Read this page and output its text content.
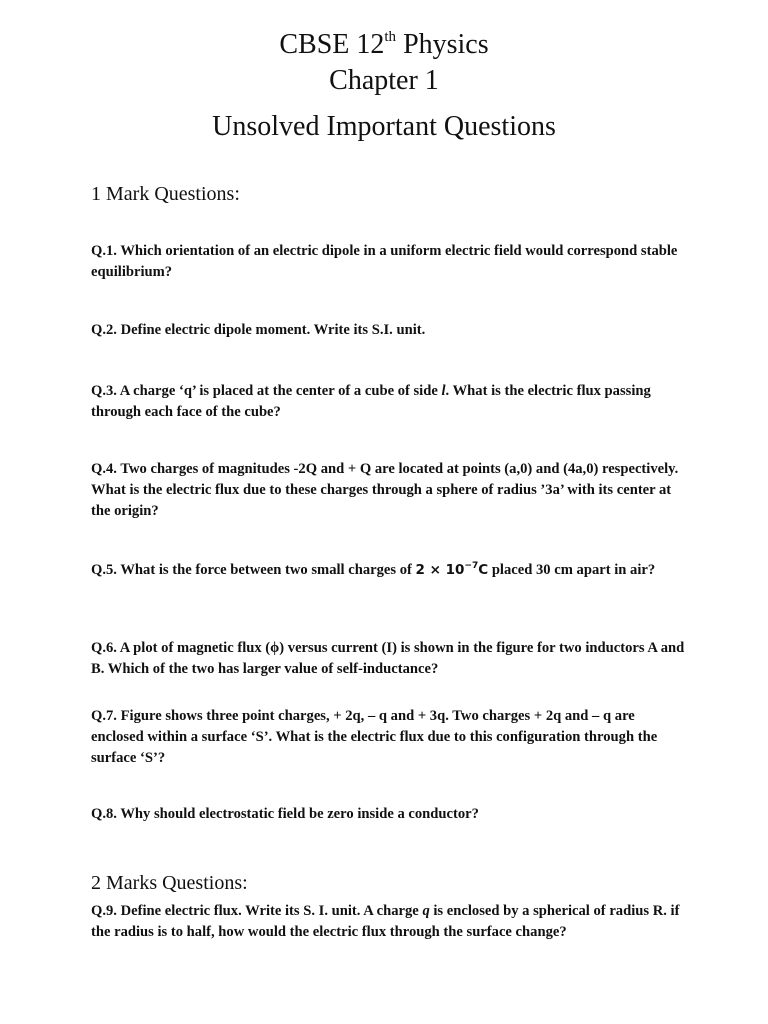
CBSE 12th Physics
Chapter 1
Unsolved Important Questions
1 Mark Questions:
Q.1. Which orientation of an electric dipole in a uniform electric field would correspond stable equilibrium?
Q.2. Define electric dipole moment. Write its S.I. unit.
Q.3. A charge ‘q’ is placed at the center of a cube of side l. What is the electric flux passing through each face of the cube?
Q.4. Two charges of magnitudes -2Q and + Q are located at points (a,0) and (4a,0) respectively. What is the electric flux due to these charges through a sphere of radius ’3a’ with its center at the origin?
Q.5. What is the force between two small charges of $2 \times 10^{-7}C$ placed 30 cm apart in air?
Q.6. A plot of magnetic flux (ϕ) versus current (I) is shown in the figure for two inductors A and B. Which of the two has larger value of self-inductance?
Q.7. Figure shows three point charges, + 2q, – q and + 3q. Two charges + 2q and – q are enclosed within a surface ‘S’. What is the electric flux due to this configuration through the surface ‘S’?
Q.8. Why should electrostatic field be zero inside a conductor?
2 Marks Questions:
Q.9. Define electric flux. Write its S. I. unit. A charge q is enclosed by a spherical of radius R. if the radius is to half, how would the electric flux through the surface change?
